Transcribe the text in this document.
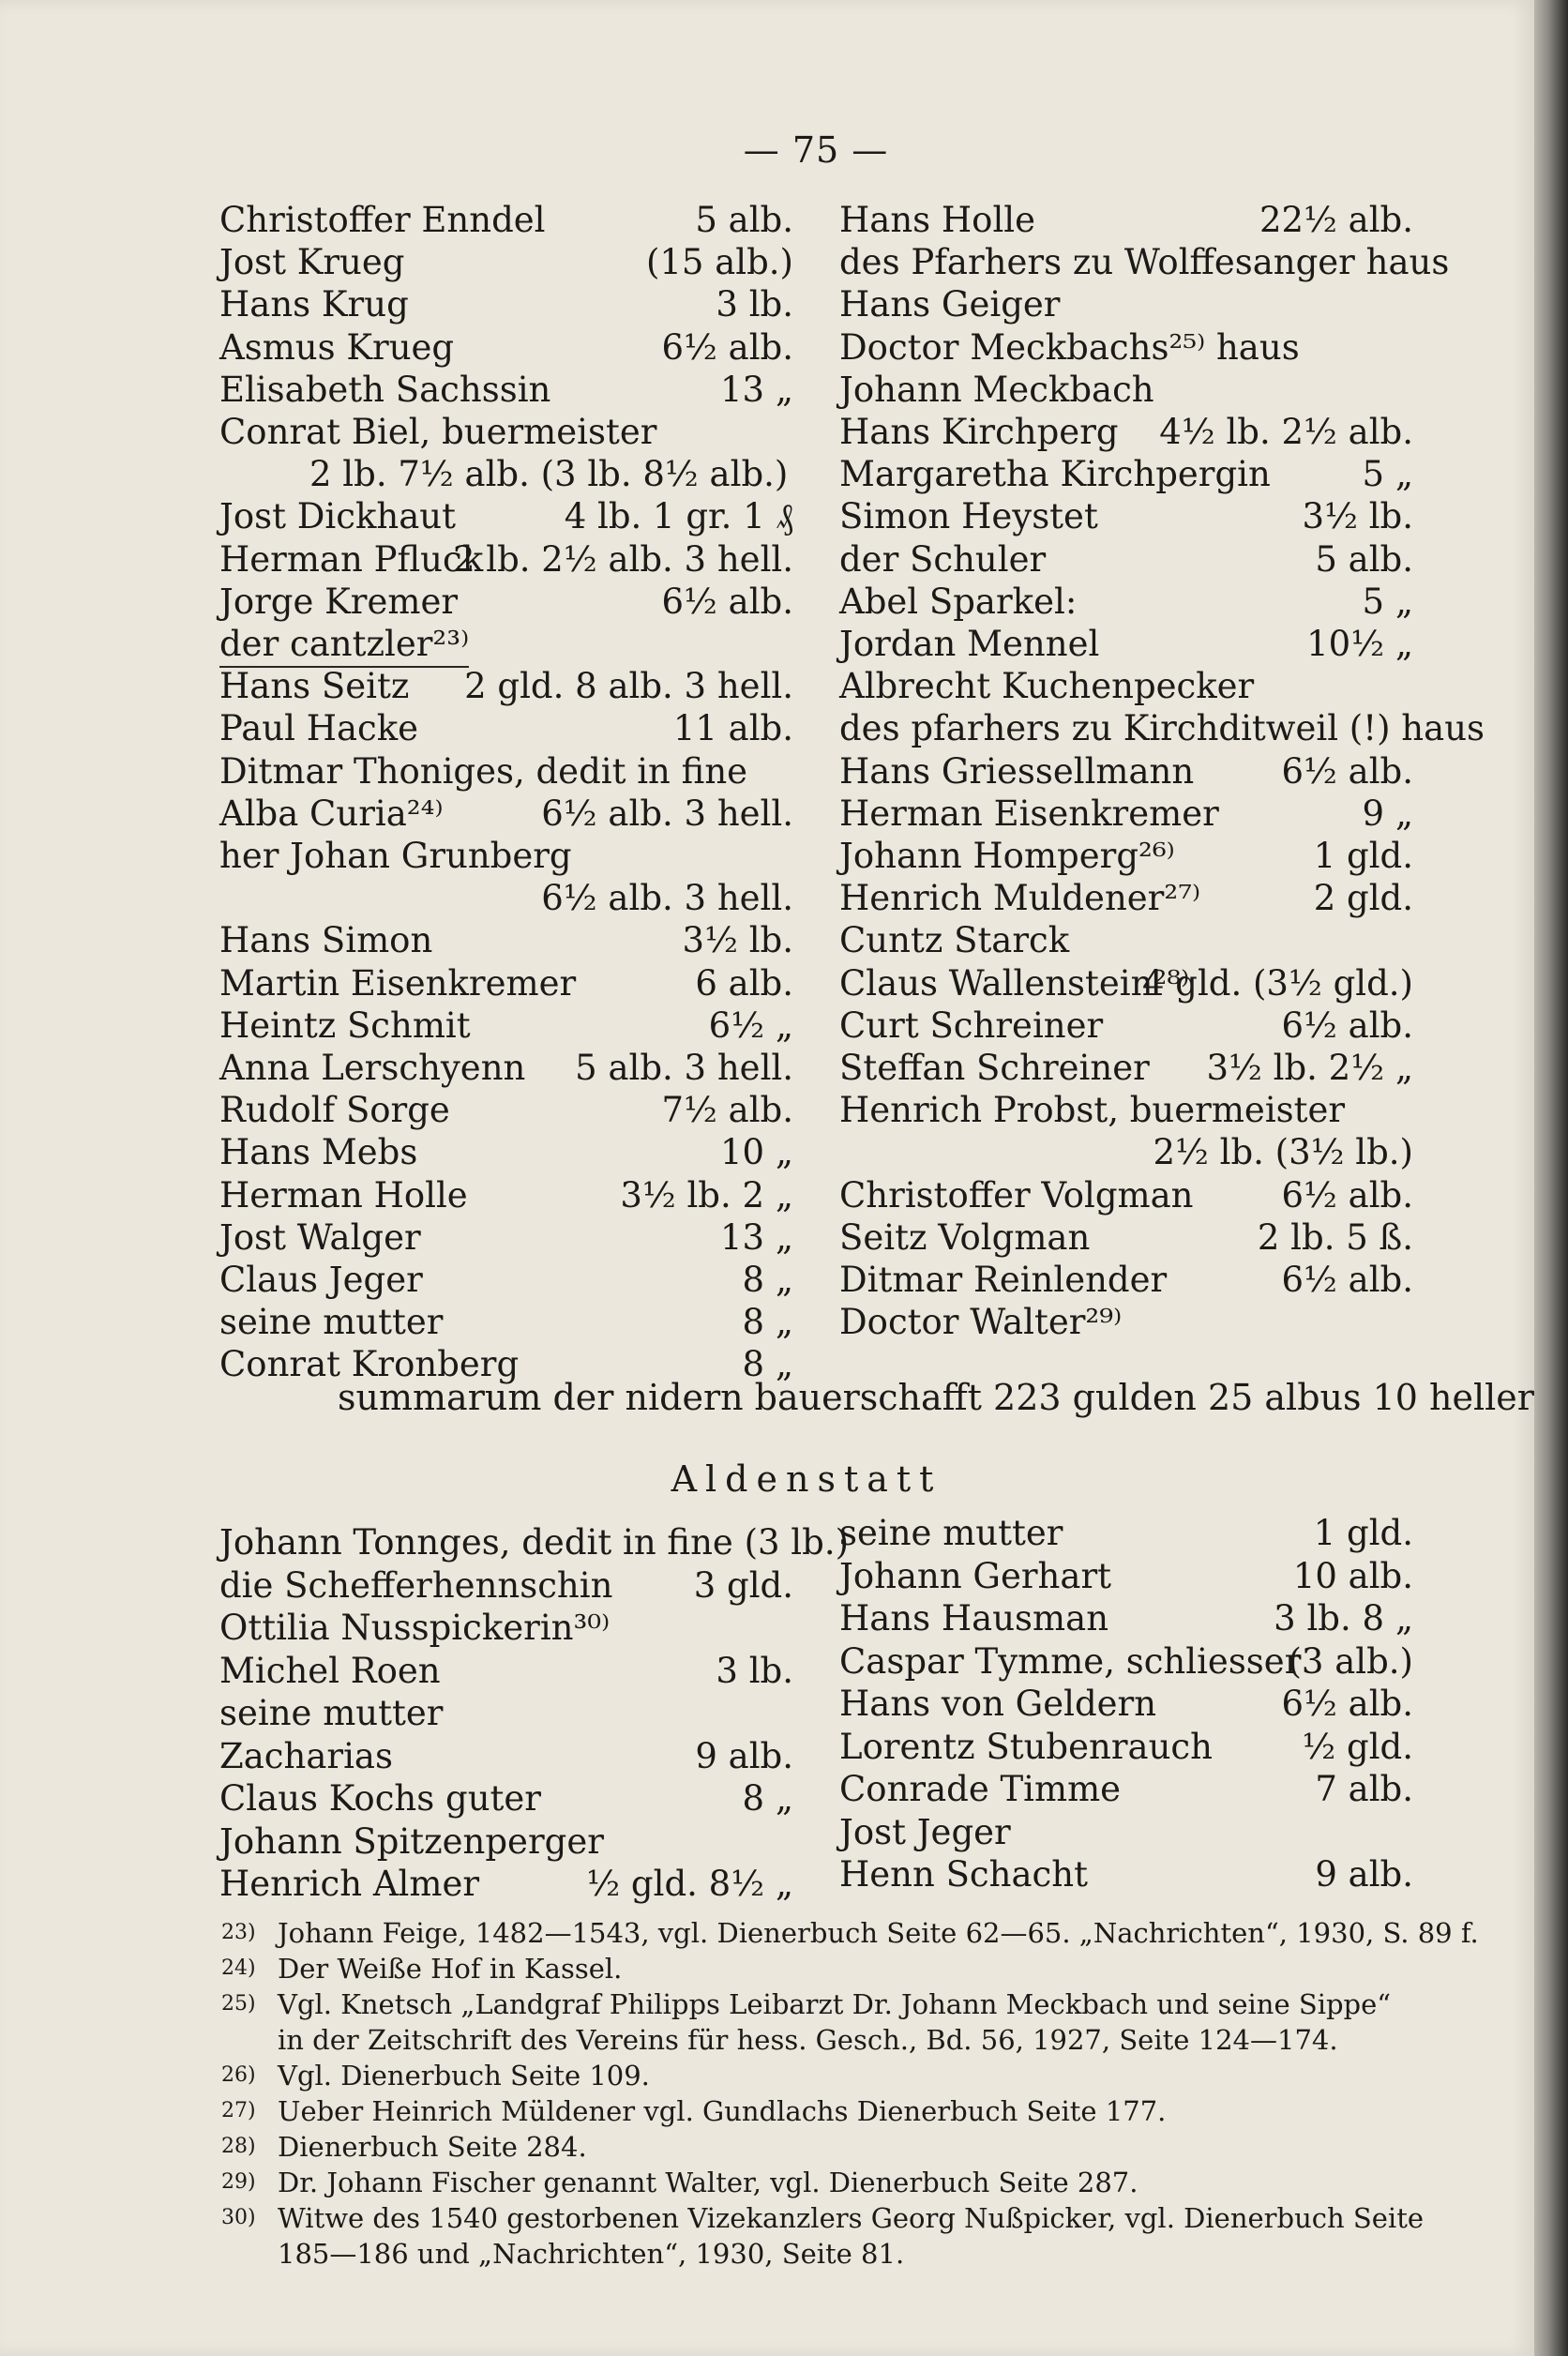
— 75 —
Christoffer Enndel	5 alb.
Jost Krueg	(15 alb.)
Hans Krug	3 lb.
Asmus Krueg	6½ alb.
Elisabeth Sachssin	13 „
Conrat Biel, buermeister
2 lb. 7½ alb. (3 lb. 8½ alb.)
Jost Dickhaut	4 lb. 1 gr. 1 ₰
Herman Pfluck
2 lb. 2½ alb. 3 hell.
Jorge Kremer	6½ alb.
der cantzler²³⁾
Hans Seitz 2 gld. 8 alb. 3 hell.
Paul Hacke	11 alb.
Ditmar Thoniges, dedit in fine
Alba Curia²⁴⁾	6½ alb. 3 hell.
her Johan Grunberg
6½ alb. 3 hell.
Hans Simon	3½ lb.
Martin Eisenkremer	6 alb.
Heintz Schmit	6½ „
Anna Lerschyenn 5 alb. 3 hell.
Rudolf Sorge	7½ alb.
Hans Mebs	10 „
Herman Holle	3½ lb. 2 „
Jost Walger	13 „
Claus Jeger	8 „
seine mutter	8 „
Conrat Kronberg	8 „
Hans Holle	22½ alb.
des Pfarhers zu Wolffesanger haus
Hans Geiger
Doctor Meckbachs²⁵⁾ haus
Johann Meckbach
Hans Kirchperg 4½ lb. 2½ alb.
Margaretha Kirchpergin	5 „
Simon Heystet	3½ lb.
der Schuler	5 alb.
Abel Sparkel:	5 „
Jordan Mennel	10½ „
Albrecht Kuchenpecker
des pfarhers zu Kirchditweil (!) haus
Hans Griessellmann	6½ alb.
Herman Eisenkremer	9 „
Johann Homperg²⁶⁾	1 gld.
Henrich Muldener²⁷⁾	2 gld.
Cuntz Starck
Claus Wallenstein²⁸⁾
4 gld. (3½ gld.)
Curt Schreiner	6½ alb.
Steffan Schreiner 3½ lb. 2½ „
Henrich Probst, buermeister
2½ lb. (3½ lb.)
Christoffer Volgman	6½ alb.
Seitz Volgman	2 lb. 5 ß.
Ditmar Reinlender	6½ alb.
Doctor Walter²⁹⁾
summarum der nidern bauerschafft 223 gulden 25 albus 10 heller
Aldenstatt
Johann Tonnges, dedit in fine (3 lb.)
die Schefferhennschin 3 gld.
Ottilia Nusspickerin³⁰⁾
Michel Roen	3 lb.
seine mutter
Zacharias	9 alb.
Claus Kochs guter	8 „
Johann Spitzenperger
Henrich Almer	½ gld. 8½ „
seine mutter	1 gld.
Johann Gerhart	10 alb.
Hans Hausman	3 lb. 8 „
Caspar Tymme, schliesser
(3 alb.)
Hans von Geldern	6½ alb.
Lorentz Stubenrauch	½ gld.
Conrade Timme	7 alb.
Jost Jeger
Henn Schacht	9 alb.
23) Johann Feige, 1482—1543, vgl. Dienerbuch Seite 62—65. „Nachrichten“, 1930, S. 89 f.
24) Der Weiße Hof in Kassel.
25) Vgl. Knetsch „Landgraf Philipps Leibarzt Dr. Johann Meckbach und seine Sippe“
in der Zeitschrift des Vereins für hess. Gesch., Bd. 56, 1927, Seite 124—174.
26) Vgl. Dienerbuch Seite 109.
27) Ueber Heinrich Müldener vgl. Gundlachs Dienerbuch Seite 177.
28) Dienerbuch Seite 284.
29) Dr. Johann Fischer genannt Walter, vgl. Dienerbuch Seite 287.
30) Witwe des 1540 gestorbenen Vizekanzlers Georg Nußpicker, vgl. Dienerbuch Seite
185—186 und „Nachrichten“, 1930, Seite 81.
